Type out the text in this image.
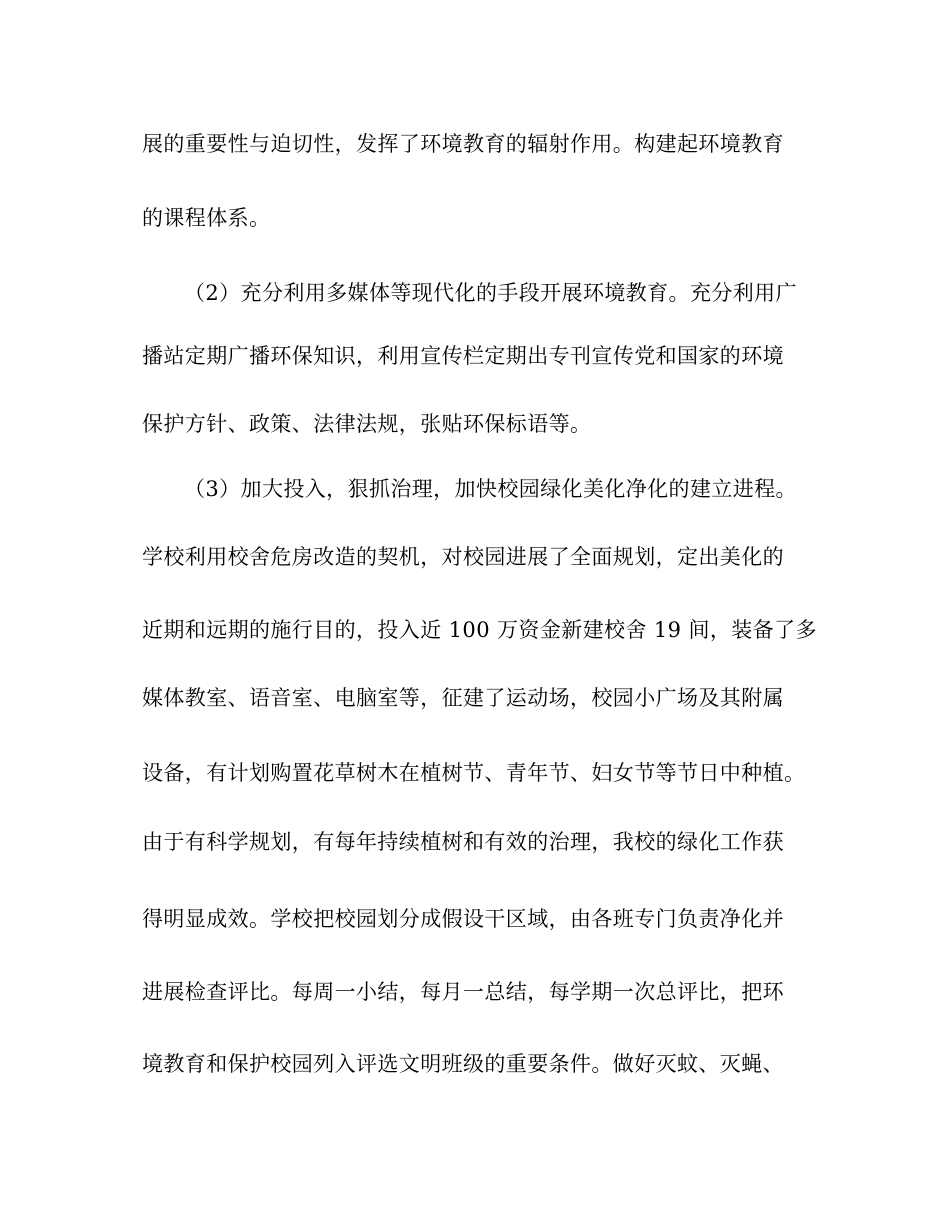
展的重要性与迫切性，发挥了环境教育的辐射作用。构建起环境教育
的课程体系。
（2）充分利用多媒体等现代化的手段开展环境教育。充分利用广
播站定期广播环保知识，利用宣传栏定期出专刊宣传党和国家的环境
保护方针、政策、法律法规，张贴环保标语等。
（3）加大投入，狠抓治理，加快校园绿化美化净化的建立进程。
学校利用校舍危房改造的契机，对校园进展了全面规划，定出美化的
近期和远期的施行目的，投入近 100 万资金新建校舍 19 间，装备了多
媒体教室、语音室、电脑室等，征建了运动场，校园小广场及其附属
设备，有计划购置花草树木在植树节、青年节、妇女节等节日中种植。
由于有科学规划，有每年持续植树和有效的治理，我校的绿化工作获
得明显成效。学校把校园划分成假设干区域，由各班专门负责净化并
进展检查评比。每周一小结，每月一总结，每学期一次总评比，把环
境教育和保护校园列入评选文明班级的重要条件。做好灭蚊、灭蝇、
